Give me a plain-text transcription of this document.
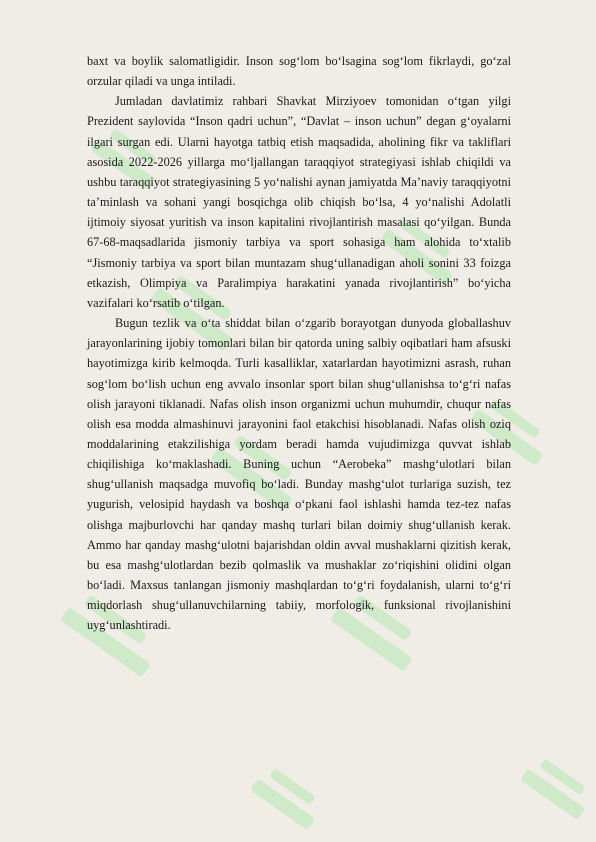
baxt va boylik salomatligidir. Inson sog‘lom bo‘lsagina sog‘lom fikrlaydi, go‘zal orzular qiladi va unga intiladi.

Jumladan davlatimiz rahbari Shavkat Mirziyoev tomonidan o‘tgan yilgi Prezident saylovida “Inson qadri uchun”, “Davlat – inson uchun” degan g‘oyalarni ilgari surgan edi. Ularni hayotga tatbiq etish maqsadida, aholining fikr va takliflari asosida 2022-2026 yillarga mo‘ljallangan taraqqiyot strategiyasi ishlab chiqildi va ushbu taraqqiyot strategiyasining 5 yo‘nalishi aynan jamiyatda Ma’naviy taraqqiyotni ta’minlash va sohani yangi bosqichga olib chiqish bo‘lsa, 4 yo‘nalishi Adolatli ijtimoiy siyosat yuritish va inson kapitalini rivojlantirish masalasi qo‘yilgan. Bunda 67-68-maqsadlarida jismoniy tarbiya va sport sohasiga ham alohida to‘xtalib “Jismoniy tarbiya va sport bilan muntazam shug‘ullanadigan aholi sonini 33 foizga etkazish, Olimpiya va Paralimpiya harakatini yanada rivojlantirish” bo‘yicha vazifalari ko‘rsatib o‘tilgan.

Bugun tezlik va o‘ta shiddat bilan o‘zgarib borayotgan dunyoda globallashuv jarayonlarining ijobiy tomonlari bilan bir qatorda uning salbiy oqibatlari ham afsuski hayotimizga kirib kelmoqda. Turli kasalliklar, xatarlardan hayotimizni asrash, ruhan sog‘lom bo‘lish uchun eng avvalo insonlar sport bilan shug‘ullanishsa to‘g‘ri nafas olish jarayoni tiklanadi. Nafas olish inson organizmi uchun muhumdir, chuqur nafas olish esa modda almashinuvi jarayonini faol etakchisi hisoblanadi. Nafas olish oziq moddalarining etakzilishiga yordam beradi hamda vujudimizga quvvat ishlab chiqilishiga ko‘maklashadi. Buning uchun “Aerobeka” mashg‘ulotlari bilan shug‘ullanish maqsadga muvofiq bo‘ladi. Bunday mashg‘ulot turlariga suzish, tez yugurish, velosipid haydash va boshqa o‘pkani faol ishlashi hamda tez-tez nafas olishga majburlovchi har qanday mashq turlari bilan doimiy shug‘ullanish kerak. Ammo har qanday mashg‘ulotni bajarishdan oldin avval mushaklarni qizitish kerak, bu esa mashg‘ulotlardan bezib qolmaslik va mushaklar zo‘riqishini olidini olgan bo‘ladi. Maxsus tanlangan jismoniy mashqlardan to‘g‘ri foydalanish, ularni to‘g‘ri miqdorlash shug‘ullanuvchilarning tabiiy, morfologik, funksional rivojlanishini uyg‘unlashtiradi.
